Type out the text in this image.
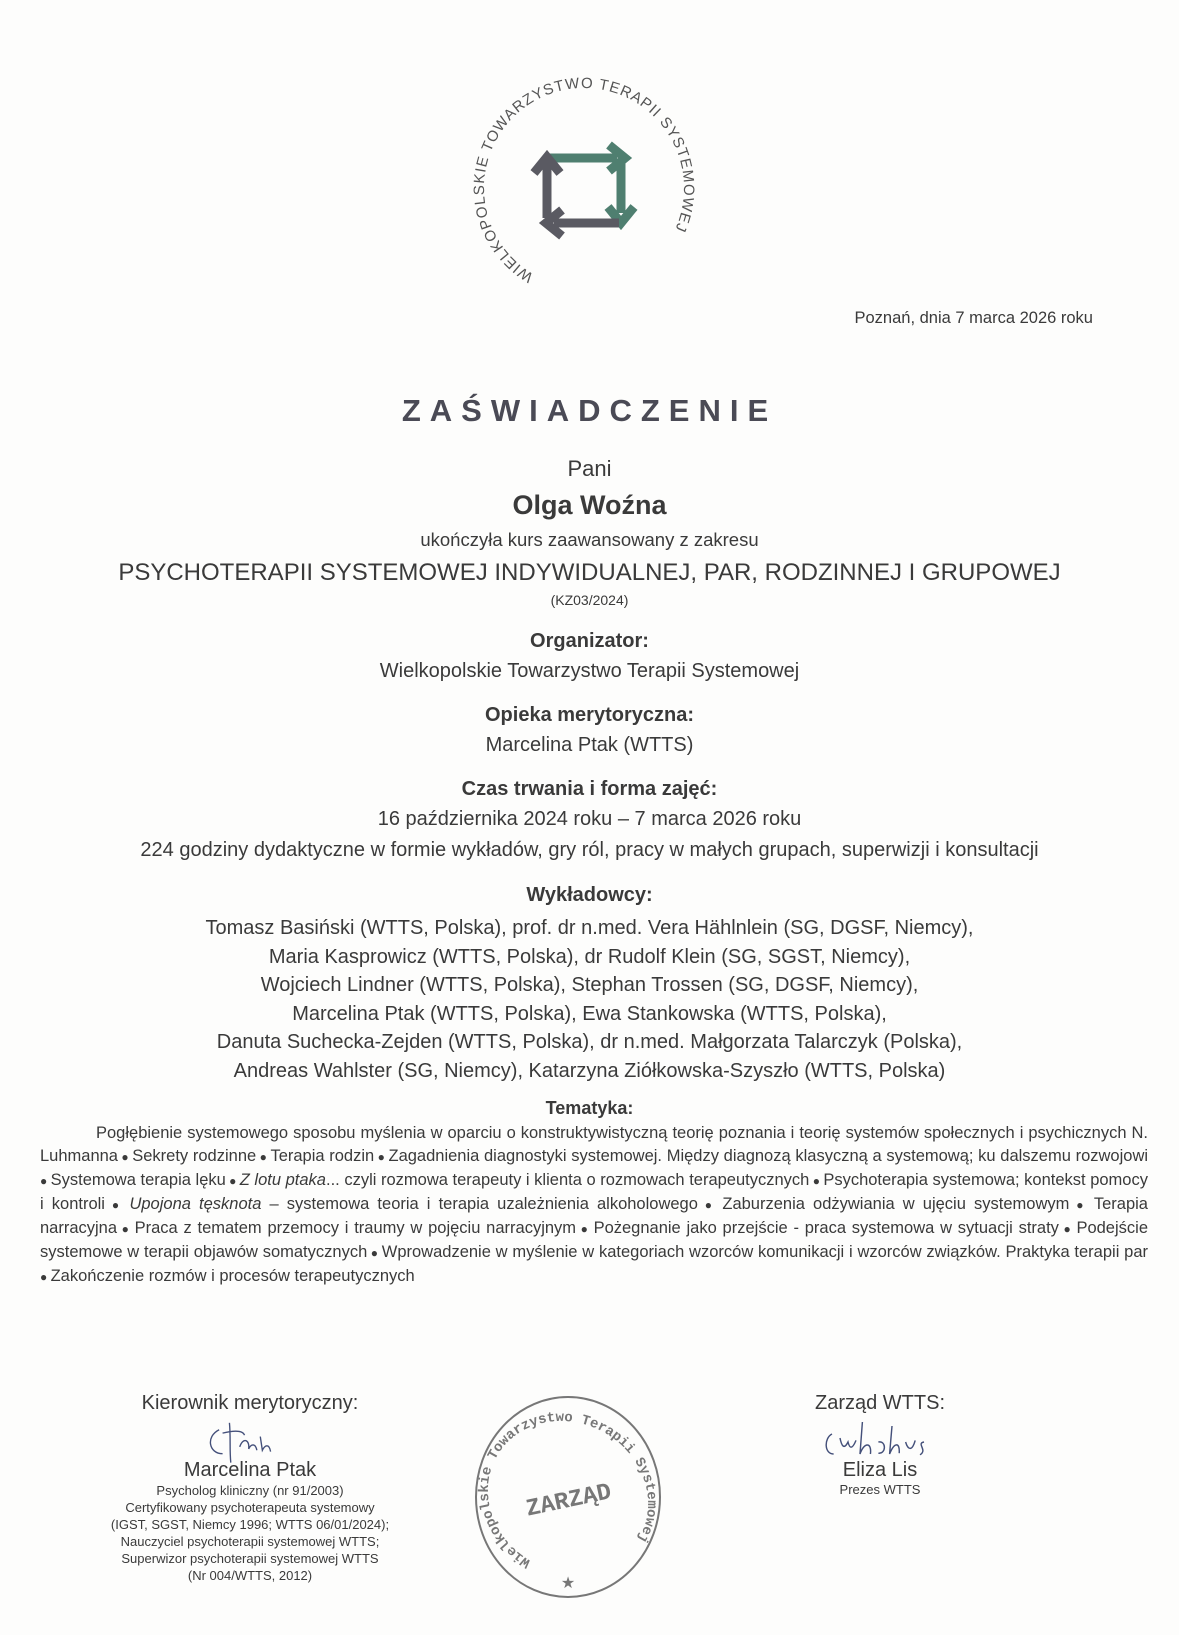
WIELKOPOLSKIE TOWARZYSTWO TERAPII SYSTEMOWEJ
Poznań, dnia 7 marca 2026 roku
ZAŚWIADCZENIE
Pani
Olga Woźna
ukończyła kurs zaawansowany z zakresu
PSYCHOTERAPII SYSTEMOWEJ INDYWIDUALNEJ, PAR, RODZINNEJ I GRUPOWEJ
(KZ03/2024)
Organizator:
Wielkopolskie Towarzystwo Terapii Systemowej
Opieka merytoryczna:
Marcelina Ptak (WTTS)
Czas trwania i forma zajęć:
16 października 2024 roku – 7 marca 2026 roku
224 godziny dydaktyczne w formie wykładów, gry ról, pracy w małych grupach, superwizji i konsultacji
Wykładowcy:
Tomasz Basiński (WTTS, Polska), prof. dr n.med. Vera Hählnlein (SG, DGSF, Niemcy),
Maria Kasprowicz (WTTS, Polska), dr Rudolf Klein (SG, SGST, Niemcy),
Wojciech Lindner (WTTS, Polska), Stephan Trossen (SG, DGSF, Niemcy),
Marcelina Ptak (WTTS, Polska), Ewa Stankowska (WTTS, Polska),
Danuta Suchecka-Zejden (WTTS, Polska), dr n.med. Małgorzata Talarczyk (Polska),
Andreas Wahlster (SG, Niemcy), Katarzyna Ziółkowska-Szyszło (WTTS, Polska)
Tematyka:
Pogłębienie systemowego sposobu myślenia w oparciu o konstruktywistyczną teorię poznania i teorię systemów społecznych i psychicznych N. Luhmanna ● Sekrety rodzinne ● Terapia rodzin ● Zagadnienia diagnostyki systemowej. Między diagnozą klasyczną a systemową; ku dalszemu rozwojowi ● Systemowa terapia lęku ● Z lotu ptaka... czyli rozmowa terapeuty i klienta o rozmowach terapeutycznych ● Psychoterapia systemowa; kontekst pomocy i kontroli ● Upojona tęsknota – systemowa teoria i terapia uzależnienia alkoholowego ● Zaburzenia odżywiania w ujęciu systemowym ● Terapia narracyjna ● Praca z tematem przemocy i traumy w pojęciu narracyjnym ● Pożegnanie jako przejście - praca systemowa w sytuacji straty ● Podejście systemowe w terapii objawów somatycznych ● Wprowadzenie w myślenie w kategoriach wzorców komunikacji i wzorców związków. Praktyka terapii par ● Zakończenie rozmów i procesów terapeutycznych
Kierownik merytoryczny:
Marcelina Ptak
Psycholog kliniczny (nr 91/2003)
Certyfikowany psychoterapeuta systemowy
(IGST, SGST, Niemcy 1996; WTTS 06/01/2024);
Nauczyciel psychoterapii systemowej WTTS;
Superwizor psychoterapii systemowej WTTS
(Nr 004/WTTS, 2012)
Wielkopolskie Towarzystwo Terapii Systemowej
ZARZĄD
★
Zarząd WTTS:
Eliza Lis
Prezes WTTS
